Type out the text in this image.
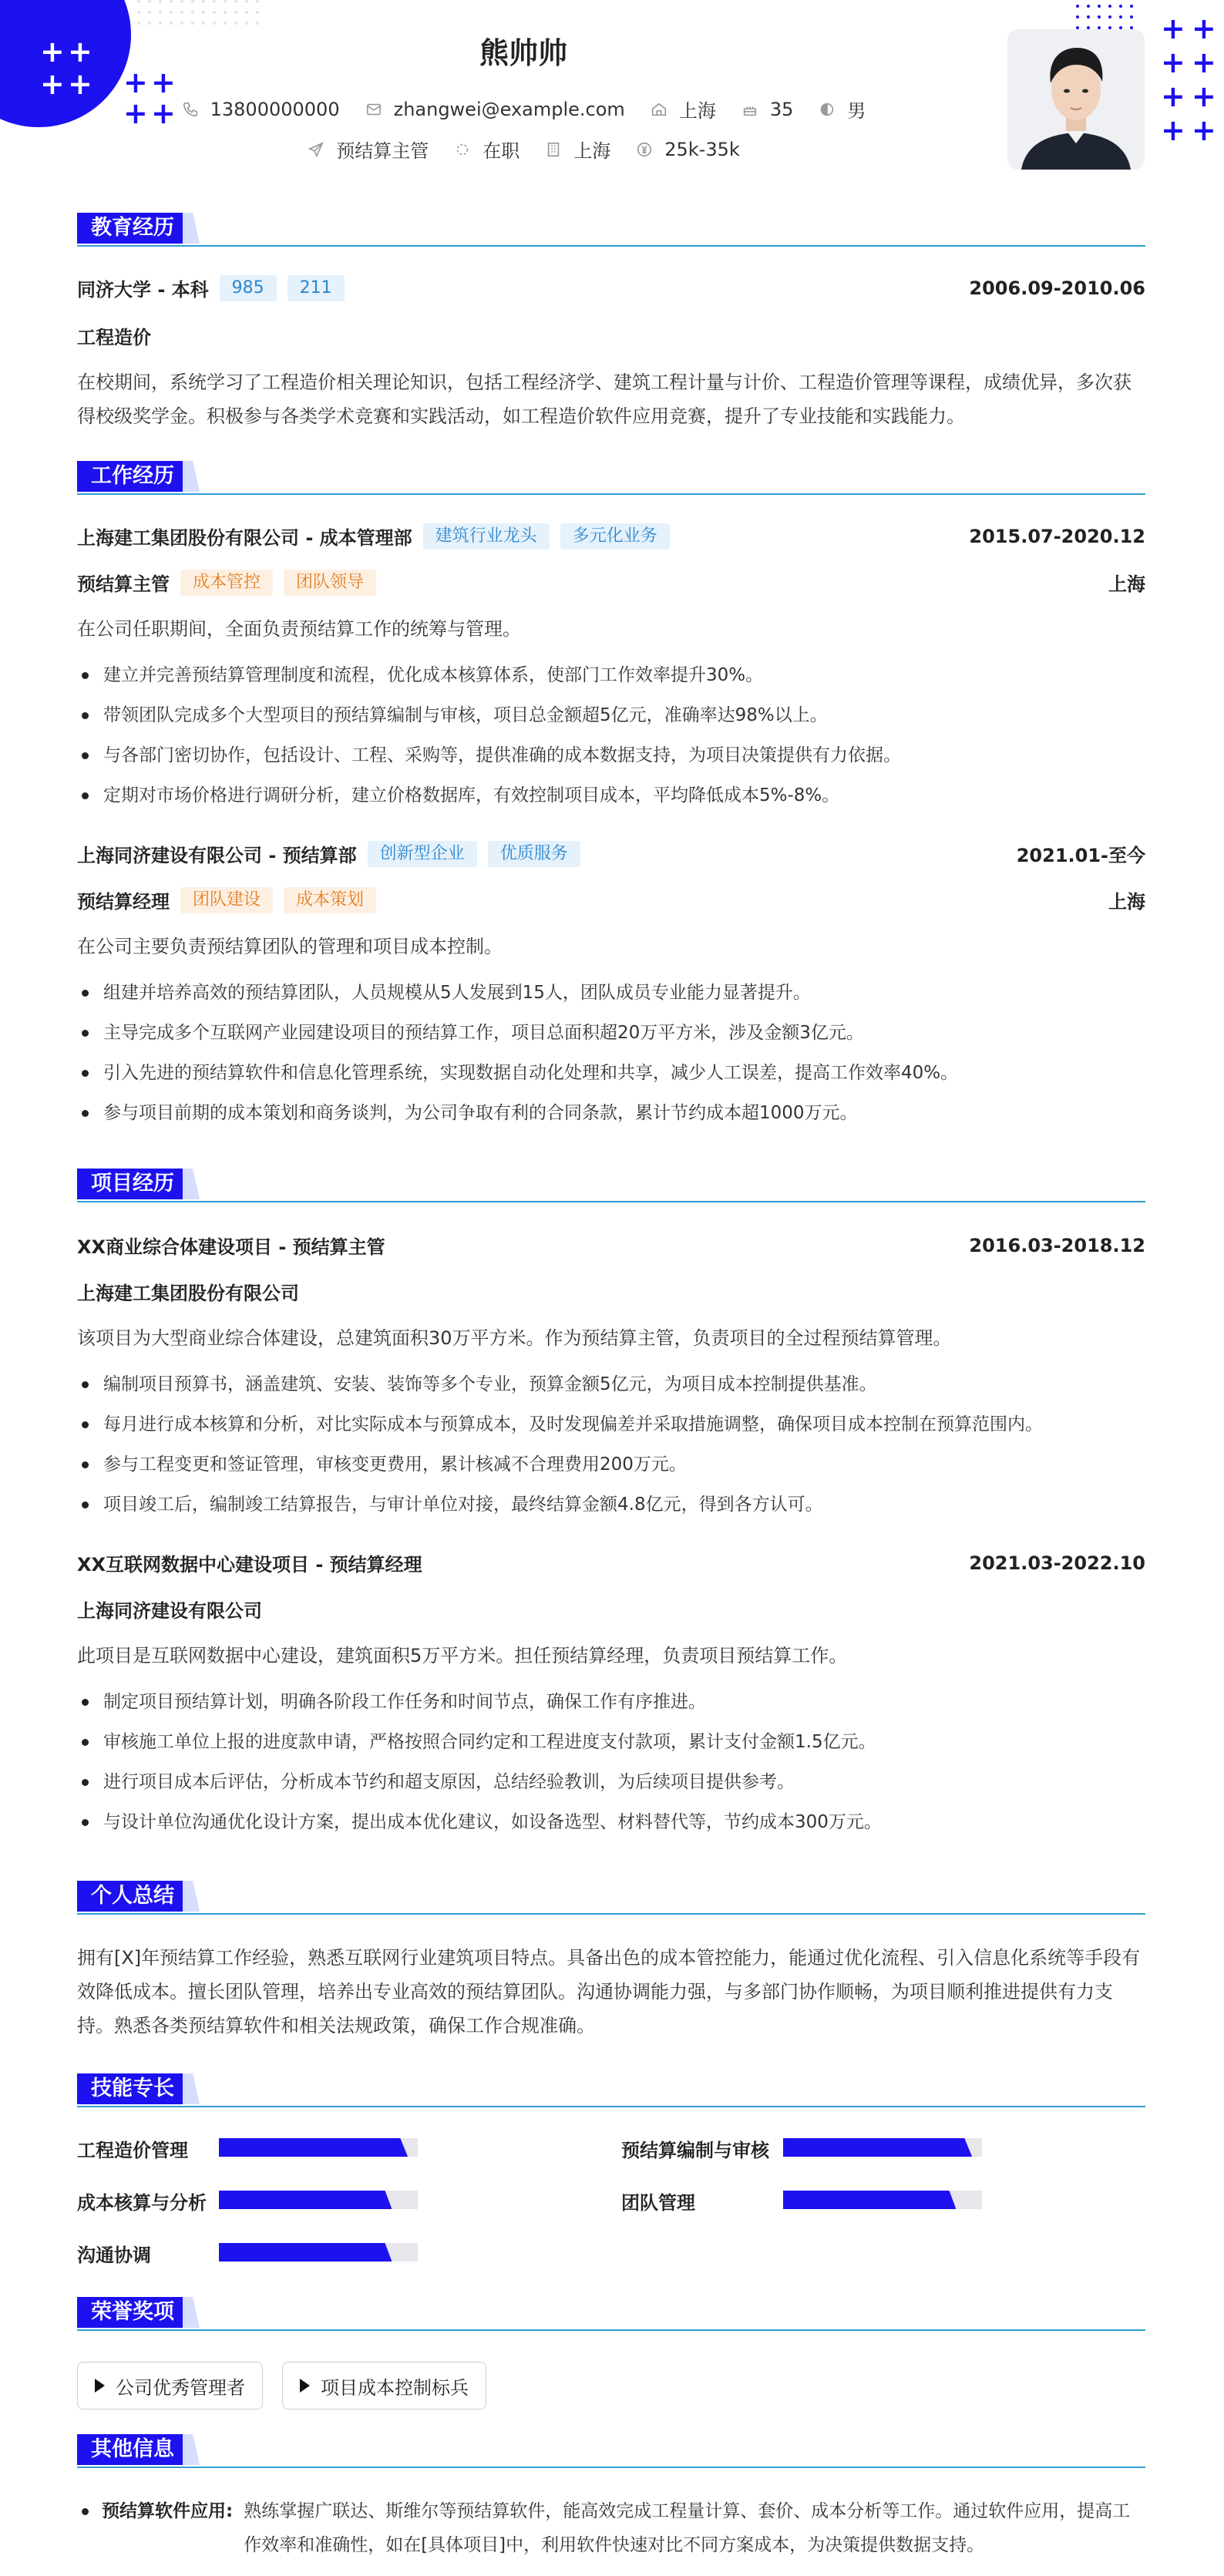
+ +
+ + + +
+ +
+ +
+ +
+ +
+ +
熊帅帅
13800000000	zhangwei@example.com	上海	35	男
预结算主管	在职	上海	25k-35k
教育经历
同济大学 - 本科	985	211	2006.09-2010.06
工程造价
在校期间，系统学习了工程造价相关理论知识，包括工程经济学、建筑工程计量与计价、工程造价管理等课程，成绩优异，多次获得校级奖学金。积极参与各类学术竞赛和实践活动，如工程造价软件应用竞赛，提升了专业技能和实践能力。
工作经历
上海建工集团股份有限公司 - 成本管理部	建筑行业龙头	多元化业务	2015.07-2020.12
预结算主管	成本管控	团队领导	上海
在公司任职期间，全面负责预结算工作的统筹与管理。
建立并完善预结算管理制度和流程，优化成本核算体系，使部门工作效率提升30%。
带领团队完成多个大型项目的预结算编制与审核，项目总金额超5亿元，准确率达98%以上。
与各部门密切协作，包括设计、工程、采购等，提供准确的成本数据支持，为项目决策提供有力依据。
定期对市场价格进行调研分析，建立价格数据库，有效控制项目成本，平均降低成本5%-8%。
上海同济建设有限公司 - 预结算部	创新型企业	优质服务	2021.01-至今
预结算经理	团队建设	成本策划	上海
在公司主要负责预结算团队的管理和项目成本控制。
组建并培养高效的预结算团队，人员规模从5人发展到15人，团队成员专业能力显著提升。
主导完成多个互联网产业园建设项目的预结算工作，项目总面积超20万平方米，涉及金额3亿元。
引入先进的预结算软件和信息化管理系统，实现数据自动化处理和共享，减少人工误差，提高工作效率40%。
参与项目前期的成本策划和商务谈判，为公司争取有利的合同条款，累计节约成本超1000万元。
项目经历
XX商业综合体建设项目 - 预结算主管	2016.03-2018.12
上海建工集团股份有限公司
该项目为大型商业综合体建设，总建筑面积30万平方米。作为预结算主管，负责项目的全过程预结算管理。
编制项目预算书，涵盖建筑、安装、装饰等多个专业，预算金额5亿元，为项目成本控制提供基准。
每月进行成本核算和分析，对比实际成本与预算成本，及时发现偏差并采取措施调整，确保项目成本控制在预算范围内。
参与工程变更和签证管理，审核变更费用，累计核减不合理费用200万元。
项目竣工后，编制竣工结算报告，与审计单位对接，最终结算金额4.8亿元，得到各方认可。
XX互联网数据中心建设项目 - 预结算经理	2021.03-2022.10
上海同济建设有限公司
此项目是互联网数据中心建设，建筑面积5万平方米。担任预结算经理，负责项目预结算工作。
制定项目预结算计划，明确各阶段工作任务和时间节点，确保工作有序推进。
审核施工单位上报的进度款申请，严格按照合同约定和工程进度支付款项，累计支付金额1.5亿元。
进行项目成本后评估，分析成本节约和超支原因，总结经验教训，为后续项目提供参考。
与设计单位沟通优化设计方案，提出成本优化建议，如设备选型、材料替代等，节约成本300万元。
个人总结
拥有[X]年预结算工作经验，熟悉互联网行业建筑项目特点。具备出色的成本管控能力，能通过优化流程、引入信息化系统等手段有效降低成本。擅长团队管理，培养出专业高效的预结算团队。沟通协调能力强，与多部门协作顺畅，为项目顺利推进提供有力支持。熟悉各类预结算软件和相关法规政策，确保工作合规准确。
技能专长
工程造价管理	预结算编制与审核
成本核算与分析	团队管理
沟通协调
荣誉奖项
公司优秀管理者	项目成本控制标兵
其他信息
预结算软件应用: 熟练掌握广联达、斯维尔等预结算软件，能高效完成工程量计算、套价、成本分析等工作。通过软件应用，提高工作效率和准确性，如在[具体项目]中，利用软件快速对比不同方案成本，为决策提供数据支持。
